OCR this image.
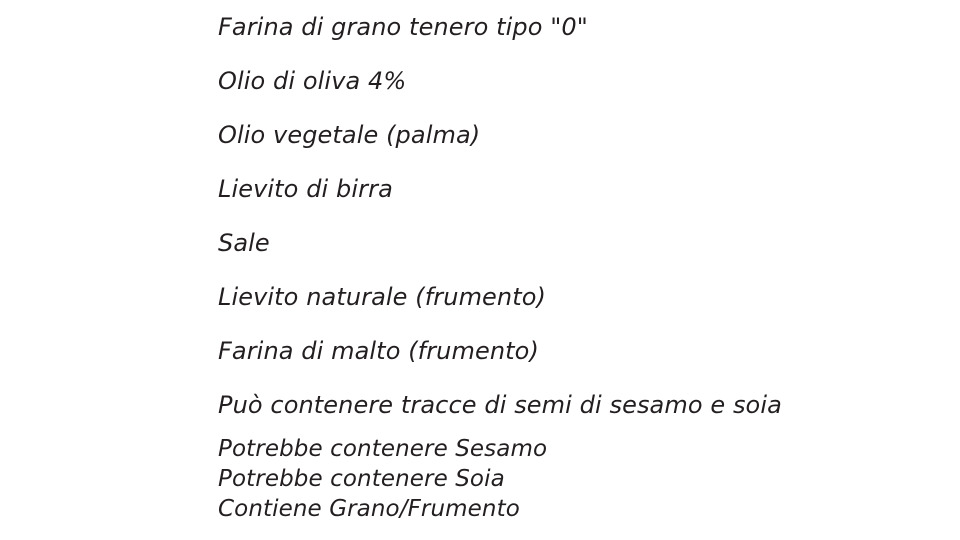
Farina di grano tenero tipo "0"
Olio di oliva 4%
Olio vegetale (palma)
Lievito di birra
Sale
Lievito naturale (frumento)
Farina di malto (frumento)
Può contenere tracce di semi di sesamo e soia
Potrebbe contenere Sesamo
Potrebbe contenere Soia
Contiene Grano/Frumento
